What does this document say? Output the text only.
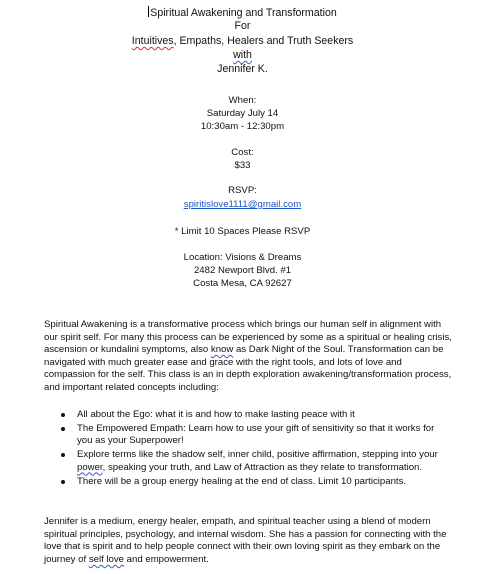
Spiritual Awakening and Transformation
For
Intuitives, Empaths, Healers and Truth Seekers
with
Jennifer K.
When:
Saturday July 14
10:30am - 12:30pm
Cost:
$33
RSVP:
spiritislove1111@gmail.com
* Limit 10 Spaces Please RSVP
Location: Visions & Dreams
2482 Newport Blvd. #1
Costa Mesa, CA 92627
Spiritual Awakening is a transformative process which brings our human self in alignment with
our spirit self. For many this process can be experienced by some as a spiritual or healing crisis,
ascension or kundalini symptoms, also know as Dark Night of the Soul. Transformation can be
navigated with much greater ease and grace with the right tools, and lots of love and
compassion for the self. This class is an in depth exploration awakening/transformation process,
and important related concepts including:
All about the Ego: what it is and how to make lasting peace with it
The Empowered Empath: Learn how to use your gift of sensitivity so that it works for
you as your Superpower!
Explore terms like the shadow self, inner child, positive affirmation, stepping into your
power, speaking your truth, and Law of Attraction as they relate to transformation.
There will be a group energy healing at the end of class. Limit 10 participants.
Jennifer is a medium, energy healer, empath, and spiritual teacher using a blend of modern
spiritual principles, psychology, and internal wisdom. She has a passion for connecting with the
love that is spirit and to help people connect with their own loving spirit as they embark on the
journey of self love and empowerment.
